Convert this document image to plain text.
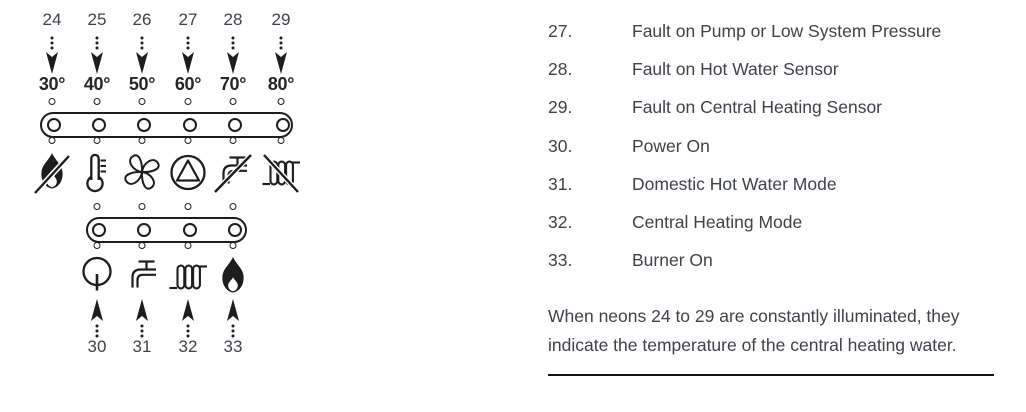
24 25 26 27 28 29
30° 40° 50° 60° 70° 80°
30 31 32 33
27.	Fault on Pump or Low System Pressure
28.	Fault on Hot Water Sensor
29.	Fault on Central Heating Sensor
30.	Power On
31.	Domestic Hot Water Mode
32.	Central Heating Mode
33.	Burner On
When neons 24 to 29 are constantly illuminated, they indicate the temperature of the central heating water.
